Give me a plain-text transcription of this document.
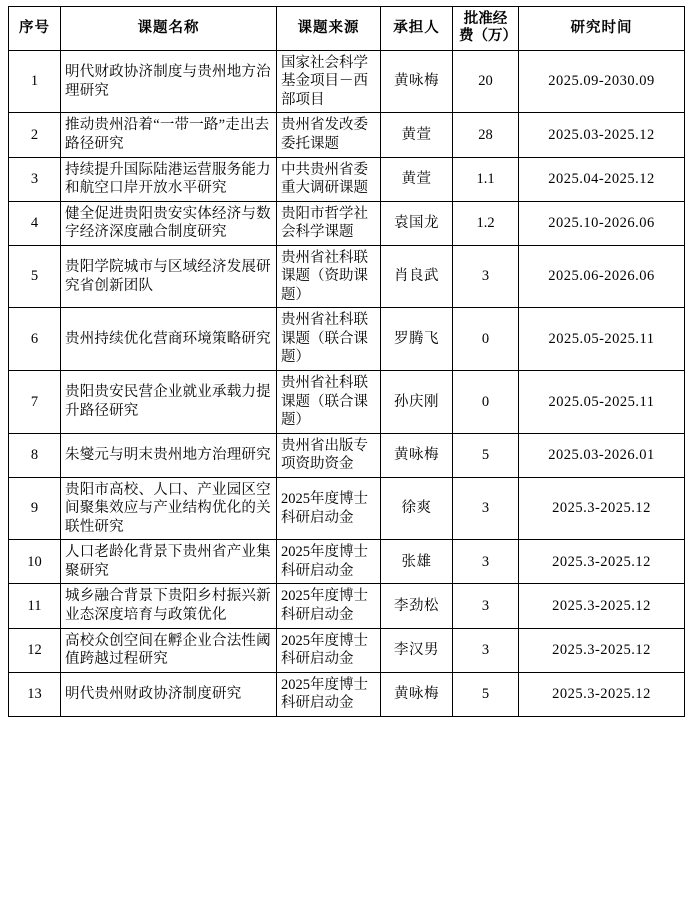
序号	课题名称	课题来源	承担人	批准经费（万）	研究时间
1	明代财政协济制度与贵州地方治理研究	国家社会科学基金项目－西部项目	黄咏梅	20	2025.09-2030.09
2	推动贵州沿着“一带一路”走出去路径研究	贵州省发改委委托课题	黄萱	28	2025.03-2025.12
3	持续提升国际陆港运营服务能力和航空口岸开放水平研究	中共贵州省委重大调研课题	黄萱	1.1	2025.04-2025.12
4	健全促进贵阳贵安实体经济与数字经济深度融合制度研究	贵阳市哲学社会科学课题	袁国龙	1.2	2025.10-2026.06
5	贵阳学院城市与区域经济发展研究省创新团队	贵州省社科联课题（资助课题）	肖良武	3	2025.06-2026.06
6	贵州持续优化营商环境策略研究	贵州省社科联课题（联合课题）	罗腾飞	0	2025.05-2025.11
7	贵阳贵安民营企业就业承载力提升路径研究	贵州省社科联课题（联合课题）	孙庆刚	0	2025.05-2025.11
8	朱燮元与明末贵州地方治理研究	贵州省出版专项资助资金	黄咏梅	5	2025.03-2026.01
9	贵阳市高校、人口、产业园区空间聚集效应与产业结构优化的关联性研究	2025年度博士科研启动金	徐爽	3	2025.3-2025.12
10	人口老龄化背景下贵州省产业集聚研究	2025年度博士科研启动金	张雄	3	2025.3-2025.12
11	城乡融合背景下贵阳乡村振兴新业态深度培育与政策优化	2025年度博士科研启动金	李劲松	3	2025.3-2025.12
12	高校众创空间在孵企业合法性阈值跨越过程研究	2025年度博士科研启动金	李汉男	3	2025.3-2025.12
13	明代贵州财政协济制度研究	2025年度博士科研启动金	黄咏梅	5	2025.3-2025.12
